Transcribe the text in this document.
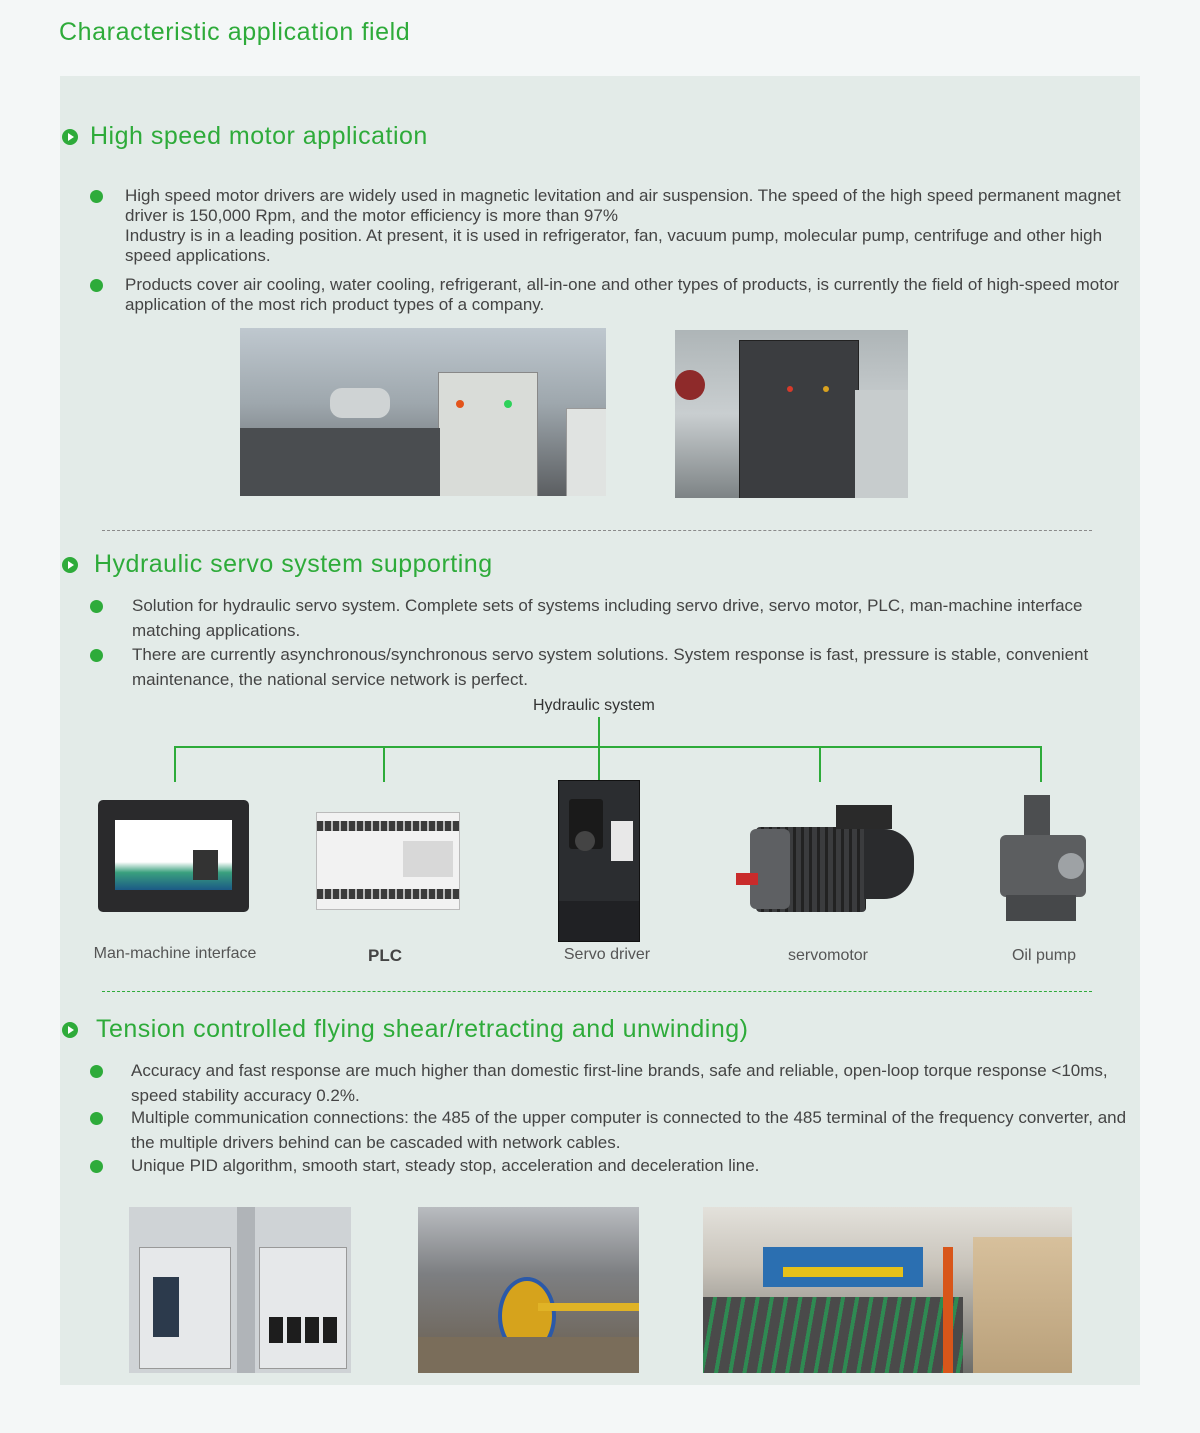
Characteristic application field
High speed motor application
High speed motor drivers are widely used in magnetic levitation and air suspension. The speed of the high speed permanent magnet driver is 150,000 Rpm, and the motor efficiency is more than 97%
Industry is in a leading position. At present, it is used in refrigerator, fan, vacuum pump, molecular pump, centrifuge and other high speed applications.
Products cover air cooling, water cooling, refrigerant, all-in-one and other types of products, is currently the field of high-speed motor application of the most rich product types of a company.
Hydraulic servo system supporting
Solution for hydraulic servo system. Complete sets of systems including servo drive, servo motor, PLC, man-machine interface matching applications.
There are currently asynchronous/synchronous servo system solutions. System response is fast, pressure is stable, convenient maintenance, the national service network is perfect.
Hydraulic system
Man-machine interface	PLC	Servo driver	servomotor	Oil pump
Tension controlled flying shear/retracting and unwinding)
Accuracy and fast response are much higher than domestic first-line brands, safe and reliable, open-loop torque response <10ms, speed stability accuracy 0.2%.
Multiple communication connections: the 485 of the upper computer is connected to the 485 terminal of the frequency converter, and the multiple drivers behind can be cascaded with network cables.
Unique PID algorithm, smooth start, steady stop, acceleration and deceleration line.
